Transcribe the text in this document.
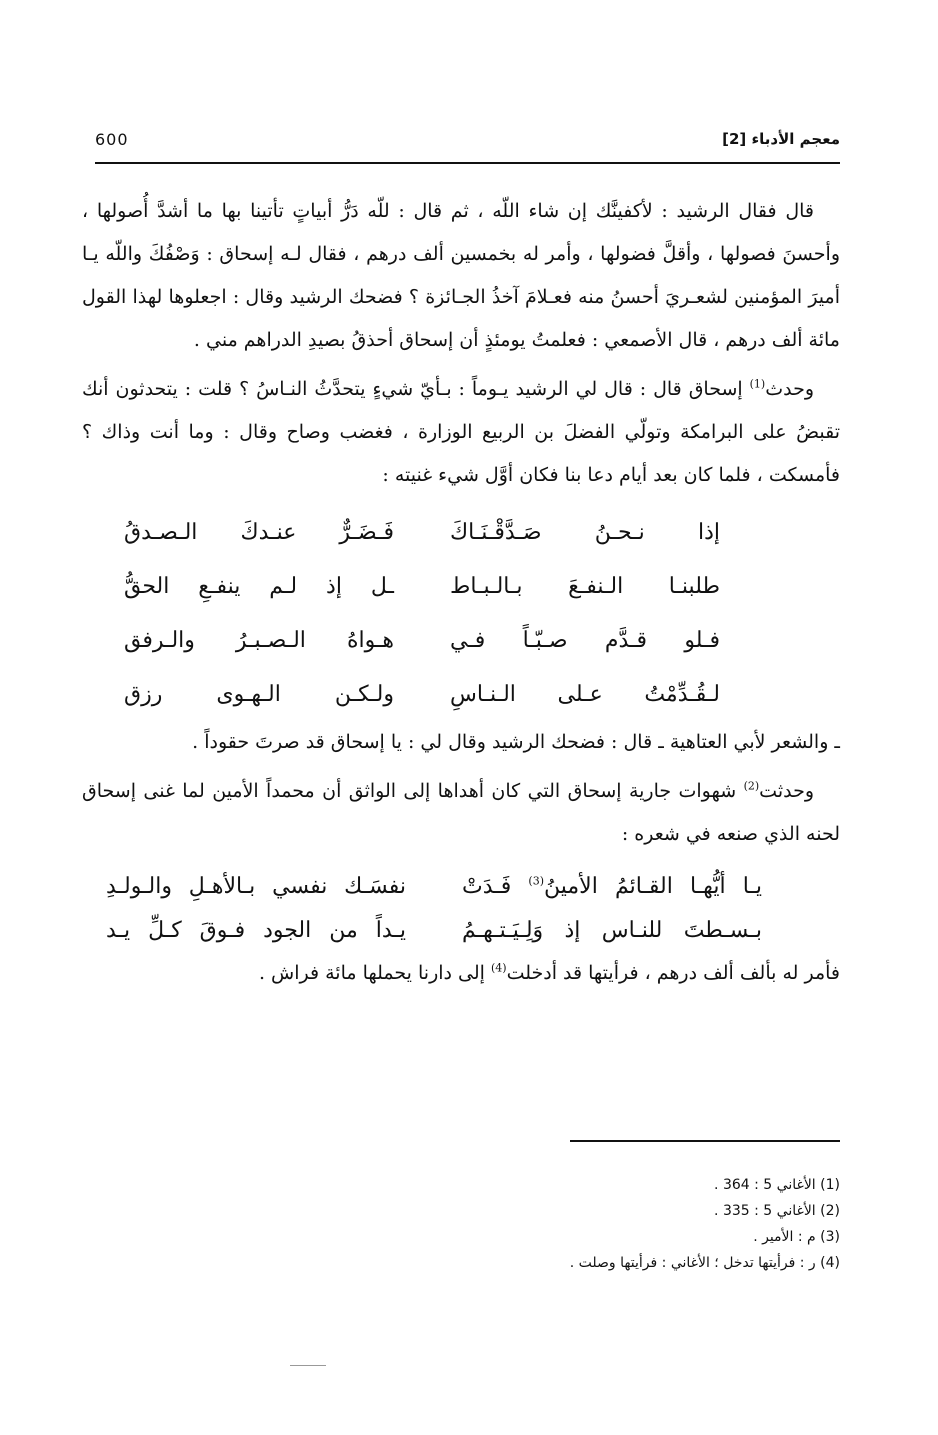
600	معجم الأدباء [2]

قال فقال الرشيد : لأكفينَّك إن شاء اللّه ، ثم قال : للّه دَرُّ أبياتٍ تأتينا بها ما أشدَّ أُصولها ، وأحسنَ فصولها ، وأقلَّ فضولها ، وأمر له بخمسين ألف درهم ، فقال لـه إسحاق : وَصْفُكَ واللّه يـا أميرَ المؤمنين لشعـريَ أحسنُ منه فعـلامَ آخذُ الجـائزة ؟ فضحك الرشيد وقال : اجعلوها لهذا القول مائة ألف درهم ، قال الأصمعي : فعلمتُ يومئذٍ أن إسحاق أحذقُ بصيدِ الدراهم مني .

وحدث$^{(1)}$ إسحاق قال : قال لي الرشيد يـوماً : بـأيّ شيءٍ يتحدَّثُ النـاسُ ؟ قلت : يتحدثون أنك تقبضُ على البرامكة وتولّي الفضلَ بن الربيع الوزارة ، فغضب وصاح وقال : وما أنت وذاك ؟ فأمسكت ، فلما كان بعد أيام دعا بنا فكان أوَّل شيء غنيته :

إذا نـحـنُ صَـدَّقْـنَـاكَ
فَـضَـرٌّ عنـدكَ الـصـدقُ
طلبنـا الـنفـعَ بـالـبـاط
ـل إذ لـم ينفـعِ الحقُّ
فـلو قـدَّم صـبّـاً فـي
هـواهُ الـصـبـرُ والـرفق
لـقُـدِّمْتُ عـلى الـنـاسِ
ولـكـن الـهـوى رزق

ـ والشعر لأبي العتاهية ـ قال : فضحك الرشيد وقال لي : يا إسحاق قد صرتَ حقوداً .

وحدثت$^{(2)}$ شهوات جارية إسحاق التي كان أهداها إلى الواثق أن محمداً الأمين لما غنى إسحاق لحنه الذي صنعه في شعره :

يـا أيُّهـا القـائمُ الأمينُ$^{(3)}$ فَـدَتْ
نفسَـك نفسي بـالأهـلِ والـولـدِ
بـسـطتَ للنـاس إذ وَلِـيَـتـهـمُ
يـداً من الجود فـوقَ كـلِّ يـد

فأمر له بألف ألف درهم ، فرأيتها قد أدخلت$^{(4)}$ إلى دارنا يحملها مائة فراش .

(1) الأغاني 5 : 364 .

(2) الأغاني 5 : 335 .

(3) م : الأمير .

(4) ر : فرأيتها تدخل ؛ الأغاني : فرأيتها وصلت .
